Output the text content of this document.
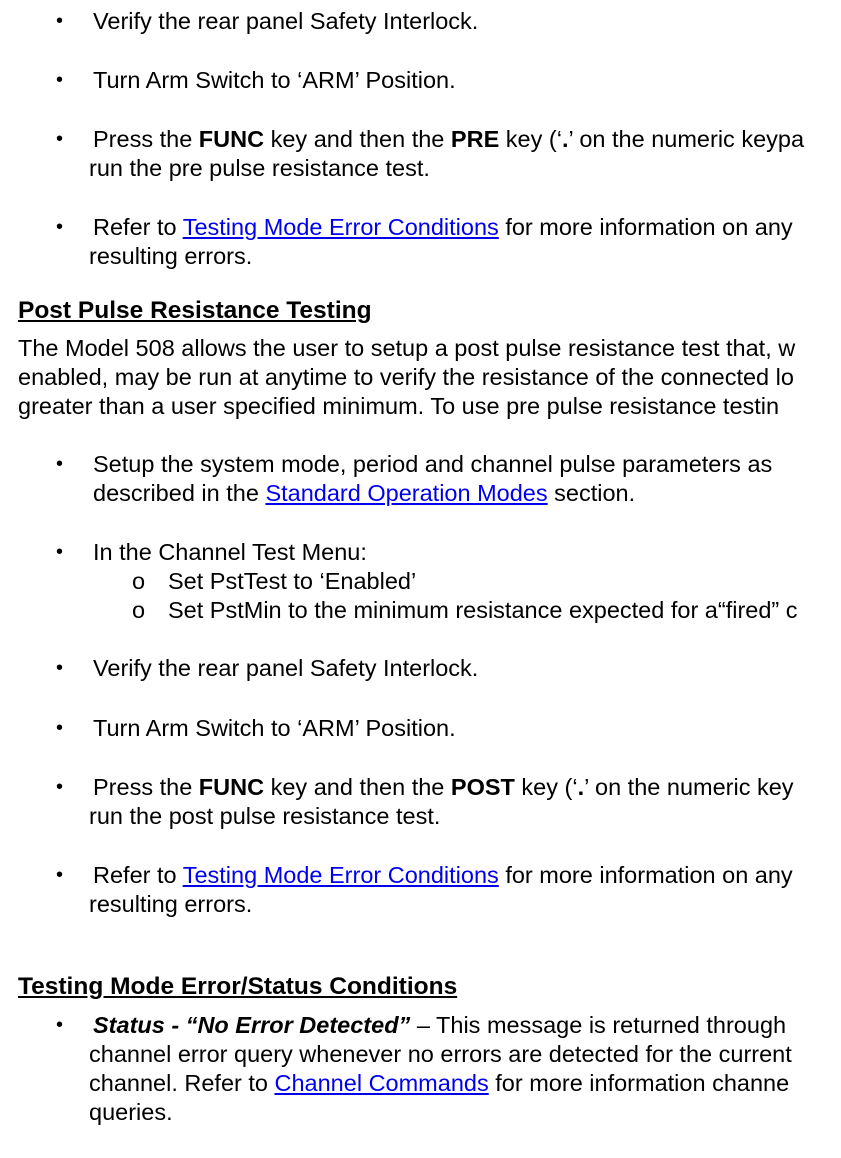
• Verify the rear panel Safety Interlock.
• Turn Arm Switch to ‘ARM’ Position.
• Press the FUNC key and then the PRE key (‘.’ on the numeric keypa
run the pre pulse resistance test.
• Refer to Testing Mode Error Conditions for more information on any
resulting errors.
Post Pulse Resistance Testing
The Model 508 allows the user to setup a post pulse resistance test that, w
enabled, may be run at anytime to verify the resistance of the connected lo
greater than a user specified minimum. To use pre pulse resistance testin
• Setup the system mode, period and channel pulse parameters as
described in the Standard Operation Modes section.
• In the Channel Test Menu:
o Set PstTest to ‘Enabled’
o Set PstMin to the minimum resistance expected for a“fired” c
• Verify the rear panel Safety Interlock.
• Turn Arm Switch to ‘ARM’ Position.
• Press the FUNC key and then the POST key (‘.’ on the numeric key
run the post pulse resistance test.
• Refer to Testing Mode Error Conditions for more information on any
resulting errors.
Testing Mode Error/Status Conditions
• Status - “No Error Detected” – This message is returned through
channel error query whenever no errors are detected for the current
channel. Refer to Channel Commands for more information channe
queries.
